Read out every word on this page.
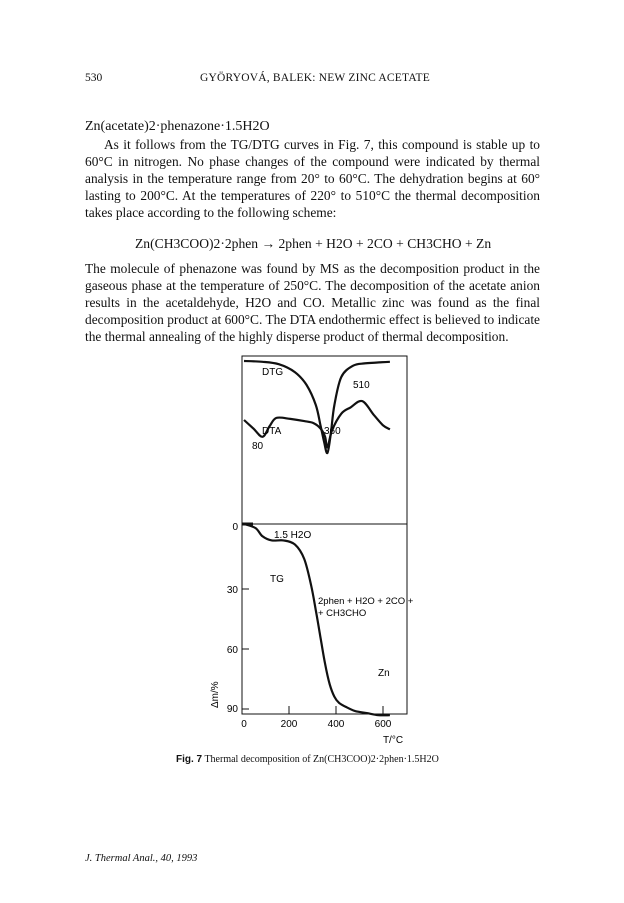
530	GYÖRYOVÁ, BALEK: NEW ZINC ACETATE
Zn(acetate)2·phenazone·1.5H2O

As it follows from the TG/DTG curves in Fig. 7, this compound is stable up to 60°C in nitrogen. No phase changes of the compound were indicated by thermal analysis in the temperature range from 20° to 60°C. The dehydration begins at 60° lasting to 200°C. At the temperatures of 220° to 510°C the thermal decomposition takes place according to the following scheme:

Zn(CH3COO)2·2phen → 2phen + H2O + 2CO + CH3CHO + Zn

The molecule of phenazone was found by MS as the decomposition product in the gaseous phase at the temperature of 250°C. The decomposition of the acetate anion results in the acetaldehyde, H2O and CO. Metallic zinc was found as the final decomposition product at 600°C. The DTA endothermic effect is believed to indicate the thermal annealing of the highly disperse product of thermal decomposition.

DTG
DTA
80
360
510
1.5 H2O
TG
2phen + H2O + 2CO +
+ CH3CHO
Zn
0
30
60
90
Δm/%
0	200	400	600
T/°C
Fig. 7 Thermal decomposition of Zn(CH3COO)2·2phen·1.5H2O
J. Thermal Anal., 40, 1993
